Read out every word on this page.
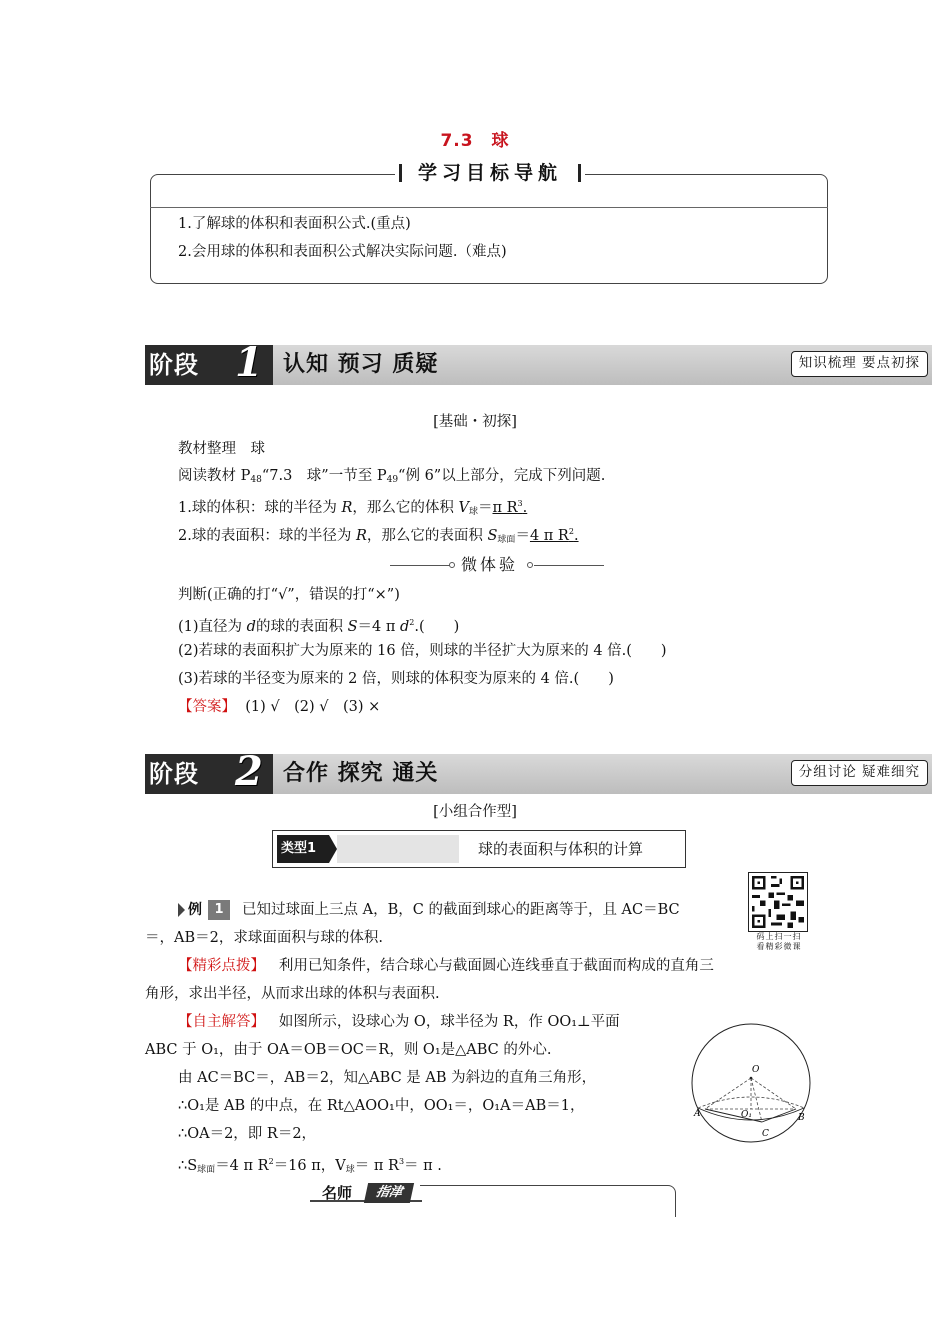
7.3　球
学习目标导航
1.了解球的体积和表面积公式.(重点)
2.会用球的体积和表面积公式解决实际问题.（难点)
阶段 1 认知 预习 质疑	知识梳理 要点初探
[基础・初探]
教材整理　球
阅读教材 $P_{48}“7.3$　球”一节至 $P_{49}“$例 6”以上部分，完成下列问题.
1.球的体积：球的半径为 R，那么它的体积 $V_球=\pi$ $R^3$.
2.球的表面积：球的半径为 R，那么它的表面积 $S_{球面}=4$ π $R^2$.
微体验
判断(正确的打“√”，错误的打“×”)
(1)直径为 d的球的表面积 S＝4 π $d^2$.(　　)
(2)若球的表面积扩大为原来的 16 倍，则球的半径扩大为原来的 4 倍.(　　)
(3)若球的半径变为原来的 2 倍，则球的体积变为原来的 4 倍.(　　)
【答案】 (1) √　(2) √　(3) ×
阶段 2 合作 探究 通关	分组讨论 疑难细究
[小组合作型]
类型1	球的表面积与体积的计算
例 1	已知过球面上三点 A，B，C 的截面到球心的距离等于，且 AC＝BC
＝，AB＝2，求球面面积与球的体积.	码上扫一扫
看精彩微课
【精彩点拨】 利用已知条件，结合球心与截面圆心连线垂直于截面而构成的直角三
角形，求出半径，从而求出球的体积与表面积.
【自主解答】 如图所示，设球心为 O，球半径为 R，作 OO₁⊥平面
ABC 于 O₁，由于 OA＝OB＝OC＝R，则 O₁是△ABC 的外心.
由 AC＝BC＝，AB＝2，知△ABC 是 AB 为斜边的直角三角形，
∴O₁是 AB 的中点，在 Rt△AOO₁中，OO₁＝，O₁A＝AB＝1，
∴OA＝2，即 R＝2，
$\therefore S_{球面}=4$ π $R^2=16$ π，$V_球= \pi$ $R^3= \pi$ .
O
O₁
A	B
C
名师	指津
